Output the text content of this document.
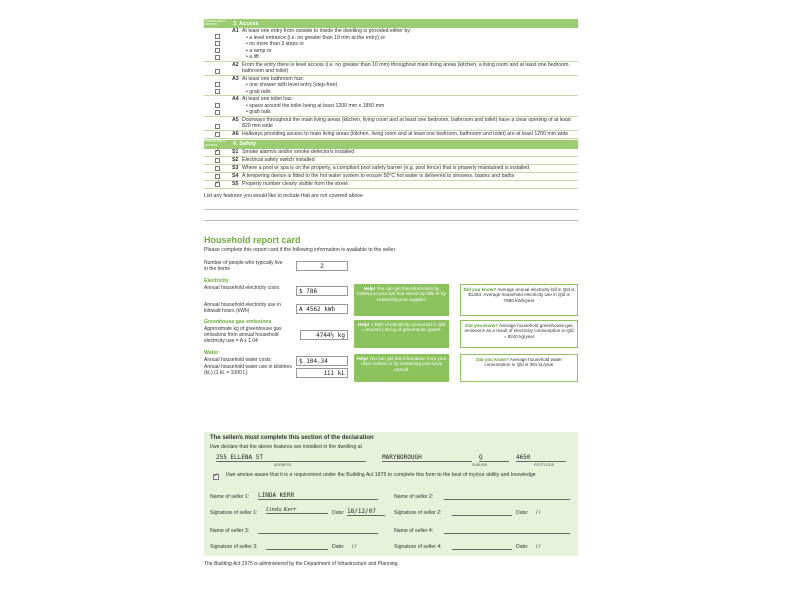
Please tick if present	3. Access
A1 At least one entry from outside to inside the dwelling is provided either by:
• a level entrance (i.e. no greater than 10 mm at the entry) or
• no more than 3 steps or
• a ramp or
• a lift
A2 From the entry there is level access (i.e. no greater than 10 mm) throughout main living areas (kitchen, a living room and at least one bedroom, bathroom and toilet)
A3 At least one bathroom has:
• one shower with level entry (step-free)
• grab rails
A4 At least one toilet has:
• space around the toilet being at least 1200 mm x 1850 mm
• grab rails
A5 Doorways throughout the main living areas (kitchen, living room and at least one bedroom, bathroom and toilet) have a clear opening of at least 820 mm wide
A6 Hallways providing access to main living areas (kitchen, living room and at least one bedroom, bathroom and toilet) are at least 1200 mm wide
Please tick if present	4. Safety
✓
S1 Smoke alarm/s and/or smoke detector/s installed
S2 Electrical safety switch installed
S3 Where a pool or spa is on the property, a compliant pool safety barrier (e.g. pool fence) that is properly maintained is installed
S4 A tempering device is fitted to the hot water system to ensure 50°C hot water is delivered to showers, basins and baths
✓
S5 Property number clearly visible from the street
List any features you would like to include that are not covered above
Household report card
Please complete this report card if the following information is available to the seller.
Number of people who typically live in the home	2
Electricity
Annual household electricity costs	$ 786
Annual household electricity use in kilowatt hours (kWh)	A 4562 kWh
Greenhouse gas emissions
Approximate kg of greenhouse gas emissions from annual household electricity use = A x 1.04
4744½ kg
Water
Annual household water costs	$ 104.34
Annual household water use in kilolitres (kL) (1 kL = 1000 L)	111 kL
Help! You can get this information by looking at your last four electricity bills or by contacting your supplier.
Help! 1 kWh of electricity consumed in Qld = around 1.04 kg of greenhouse gases.
Help! You can get this information from your rates notices or by contacting your local council.
Did you know? Average annual electricity bill in Qld is $1283. Average household electricity use in Qld is 7880 kWh/year
Did you know? Average household greenhouse gas emissions as a result of electricity consumption in Qld = 8240 kg/year
Did you know? Average household water consumption in Qld is 391 kL/year
The seller/s must complete this section of the declaration
I/we declare that the above features are installed in the dwelling at
255 ELLENA ST	MARYBOROUGH	Q	4650
ADDRESS	SUBURB	POSTCODE
✓
I/we am/are aware that it is a requirement under the Building Act 1975 to complete this form to the best of my/our ability and knowledge
Name of seller 1: LINDA KERR	Name of seller 2:
Signature of seller 1: Linda Kerr	Date: 18/12/07	Signature of seller 2:	Date: / /
Name of seller 3:	Name of seller 4:
Signature of seller 3:	Date: / /	Signature of seller 4:	Date: / /
The Building Act 1975 is administered by the Department of Infrastructure and Planning.
